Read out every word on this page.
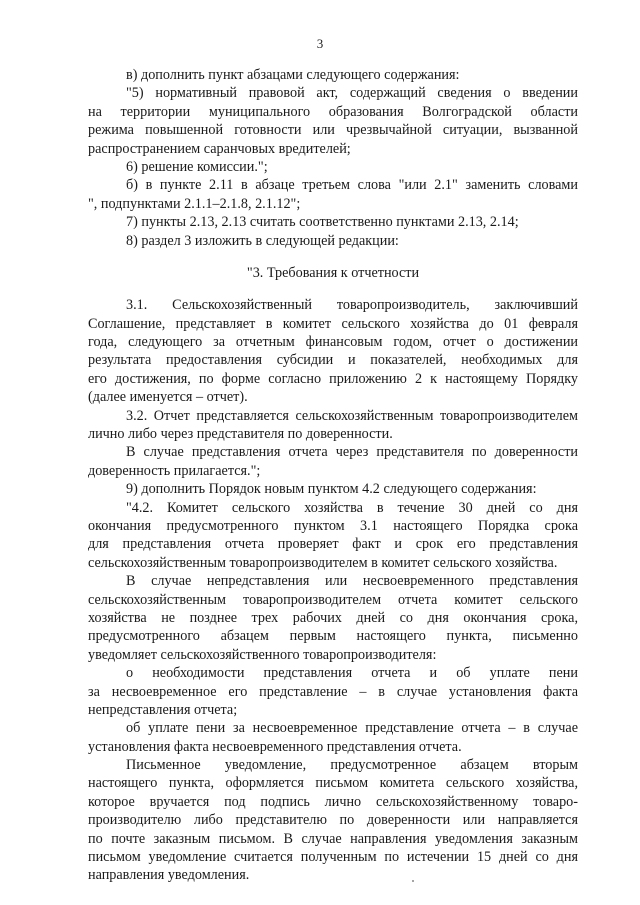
3
в) дополнить пункт абзацами следующего содержания:
"5) нормативный правовой акт, содержащий сведения о введении
на территории муниципального образования Волгоградской области
режима повышенной готовности или чрезвычайной ситуации, вызванной
распространением саранчовых вредителей;
6) решение комиссии.";
б) в пункте 2.11 в абзаце третьем слова "или 2.1" заменить словами
", подпунктами 2.1.1–2.1.8, 2.1.12";
7) пункты 2.13, 2.13 считать соответственно пунктами 2.13, 2.14;
8) раздел 3 изложить в следующей редакции:
"3. Требования к отчетности
3.1. Сельскохозяйственный товаропроизводитель, заключивший
Соглашение, представляет в комитет сельского хозяйства до 01 февраля
года, следующего за отчетным финансовым годом, отчет о достижении
результата предоставления субсидии и показателей, необходимых для
его достижения, по форме согласно приложению 2 к настоящему Порядку
(далее именуется – отчет).
3.2. Отчет представляется сельскохозяйственным товаропроизводителем
лично либо через представителя по доверенности.
В случае представления отчета через представителя по доверенности
доверенность прилагается.";
9) дополнить Порядок новым пунктом 4.2 следующего содержания:
"4.2. Комитет сельского хозяйства в течение 30 дней со дня
окончания предусмотренного пунктом 3.1 настоящего Порядка срока
для представления отчета проверяет факт и срок его представления
сельскохозяйственным товаропроизводителем в комитет сельского хозяйства.
В случае непредставления или несвоевременного представления
сельскохозяйственным товаропроизводителем отчета комитет сельского
хозяйства не позднее трех рабочих дней со дня окончания срока,
предусмотренного абзацем первым настоящего пункта, письменно
уведомляет сельскохозяйственного товаропроизводителя:
о необходимости представления отчета и об уплате пени
за несвоевременное его представление – в случае установления факта
непредставления отчета;
об уплате пени за несвоевременное представление отчета – в случае
установления факта несвоевременного представления отчета.
Письменное уведомление, предусмотренное абзацем вторым
настоящего пункта, оформляется письмом комитета сельского хозяйства,
которое вручается под подпись лично сельскохозяйственному товаро-
производителю либо представителю по доверенности или направляется
по почте заказным письмом. В случае направления уведомления заказным
письмом уведомление считается полученным по истечении 15 дней со дня
направления уведомления.
